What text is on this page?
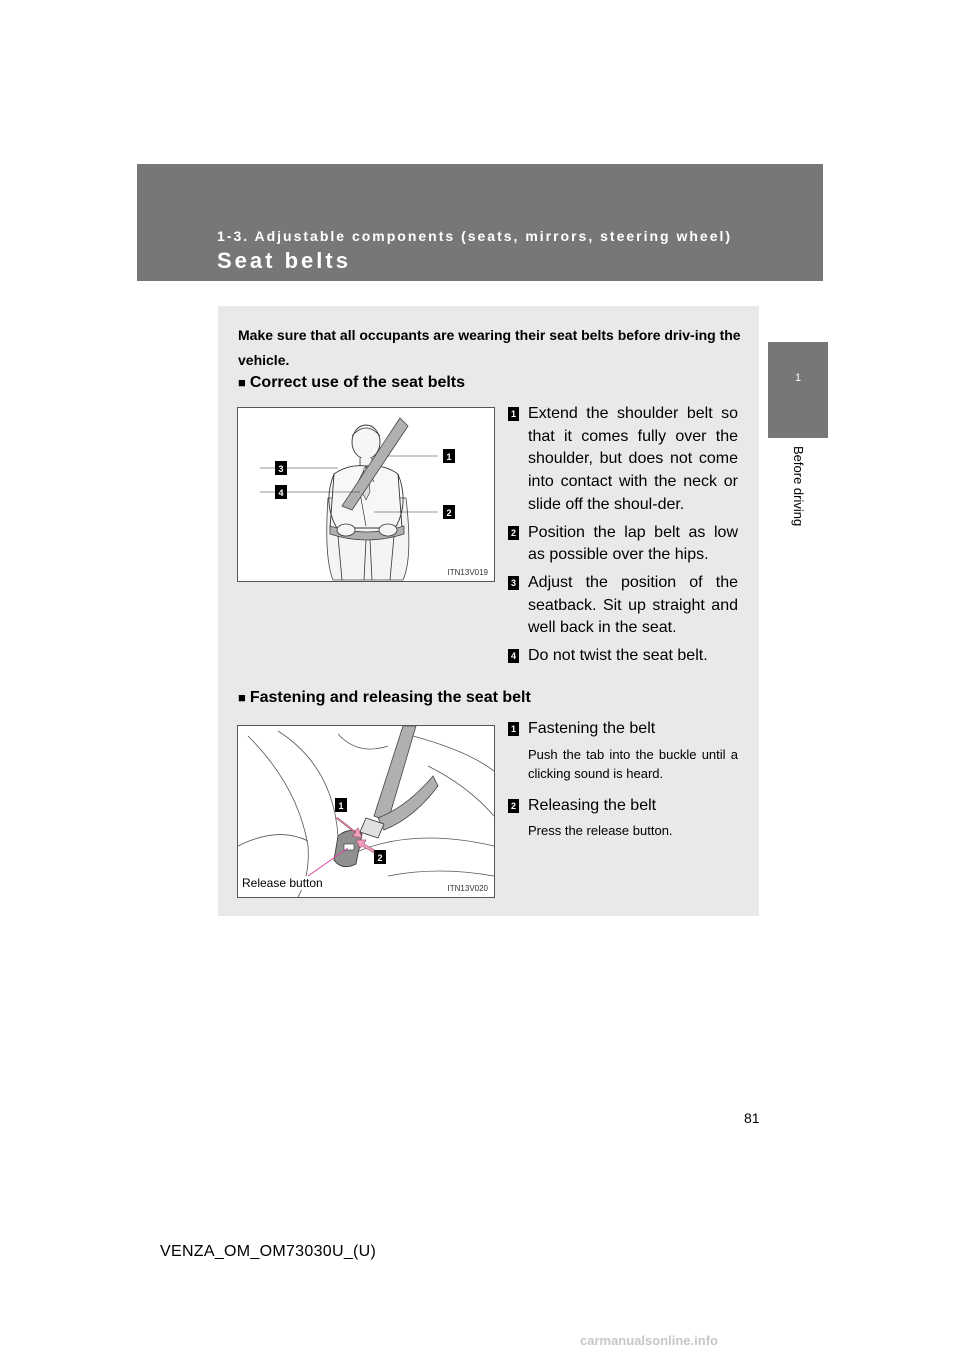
1-3. Adjustable components (seats, mirrors, steering wheel)
Seat belts
1
Before driving
Make sure that all occupants are wearing their seat belts before driv-ing the vehicle.
■ Correct use of the seat belts
3
4
1
2
ITN13V019
1 Extend the shoulder belt so that it comes fully over the shoulder, but does not come into contact with the neck or slide off the shoul-der.
2 Position the lap belt as low as possible over the hips.
3 Adjust the position of the seatback. Sit up straight and well back in the seat.
4 Do not twist the seat belt.
■ Fastening and releasing the seat belt
1
2
Release button	ITN13V020
1 Fastening the belt
Push the tab into the buckle until a clicking sound is heard.
2 Releasing the belt
Press the release button.
81
VENZA_OM_OM73030U_(U)
carmanualsonline.info
